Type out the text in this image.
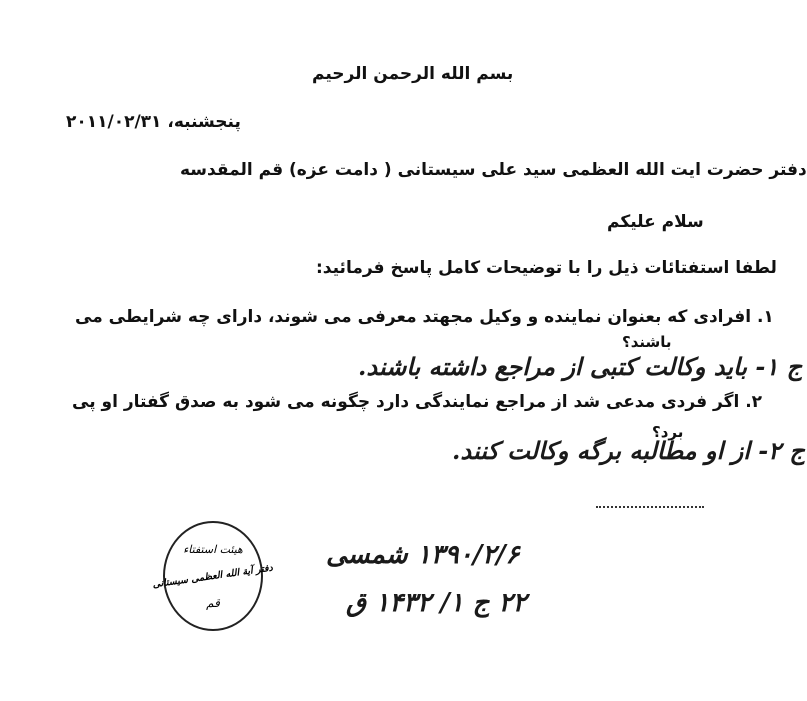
بسم الله الرحمن الرحیم
پنجشنبه، ۲۰۱۱/۰۲/۳۱
دفتر حضرت ایت الله العظمی سید علی سیستانی ( دامت عزه) قم المقدسه
سلام علیکم
لطفا استفتائات ذیل را با توضیحات کامل پاسخ فرمائید:
۱. افرادی که بعنوان نماینده و وکیل مجهتد معرفی می شوند، دارای چه شرایطی می
باشند؟
ج ۱- باید وکالت کتبی از مراجع داشته باشند.
۲. اگر فردی مدعی شد از مراجع نمایندگی دارد چگونه می شود به صدق گفتار او پی
برد؟
ج ۲- از او مطالبه برگه وکالت کنند.
هیئت استفتاء
دفتر آیة الله العظمی سیستانی
قم
۱۳۹۰/۲/۶ شمسی
۲۲ ج ۱/ ۱۴۳۲ ق
